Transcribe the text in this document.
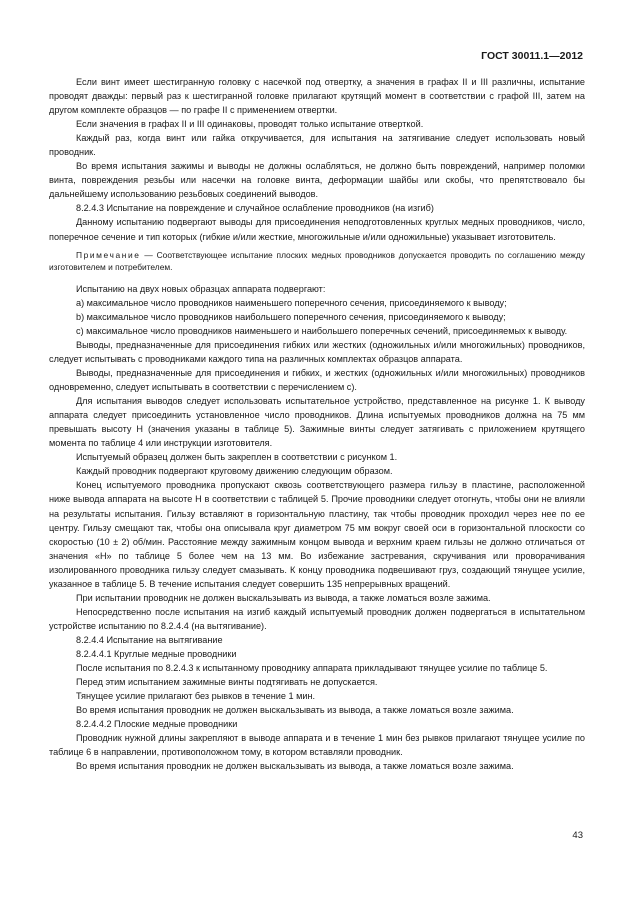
ГОСТ 30011.1—2012

Если винт имеет шестигранную головку с насечкой под отвертку, а значения в графах II и III различны, испытание проводят дважды: первый раз к шестигранной головке прилагают крутящий момент в соответствии с графой III, затем на другом комплекте образцов — по графе II с применением отвертки.

Если значения в графах II и III одинаковы, проводят только испытание отверткой.

Каждый раз, когда винт или гайка откручивается, для испытания на затягивание следует использовать новый проводник.

Во время испытания зажимы и выводы не должны ослабляться, не должно быть повреждений, например поломки винта, повреждения резьбы или насечки на головке винта, деформации шайбы или скобы, что препятствовало бы дальнейшему использованию резьбовых соединений выводов.

8.2.4.3 Испытание на повреждение и случайное ослабление проводников (на изгиб)

Данному испытанию подвергают выводы для присоединения неподготовленных круглых медных проводников, число, поперечное сечение и тип которых (гибкие и/или жесткие, многожильные и/или одножильные) указывает изготовитель.

Примечание — Соответствующее испытание плоских медных проводников допускается проводить по соглашению между изготовителем и потребителем.

Испытанию на двух новых образцах аппарата подвергают:

a) максимальное число проводников наименьшего поперечного сечения, присоединяемого к выводу;

b) максимальное число проводников наибольшего поперечного сечения, присоединяемого к выводу;

c) максимальное число проводников наименьшего и наибольшего поперечных сечений, присоединяемых к выводу.

Выводы, предназначенные для присоединения гибких или жестких (одножильных и/или многожильных) проводников, следует испытывать с проводниками каждого типа на различных комплектах образцов аппарата.

Выводы, предназначенные для присоединения и гибких, и жестких (одножильных и/или многожильных) проводников одновременно, следует испытывать в соответствии с перечислением с).

Для испытания выводов следует использовать испытательное устройство, представленное на рисунке 1. К выводу аппарата следует присоединить установленное число проводников. Длина испытуемых проводников должна на 75 мм превышать высоту H (значения указаны в таблице 5). Зажимные винты следует затягивать с приложением крутящего момента по таблице 4 или инструкции изготовителя.

Испытуемый образец должен быть закреплен в соответствии с рисунком 1.

Каждый проводник подвергают круговому движению следующим образом.

Конец испытуемого проводника пропускают сквозь соответствующего размера гильзу в пластине, расположенной ниже вывода аппарата на высоте H в соответствии с таблицей 5. Прочие проводники следует отогнуть, чтобы они не влияли на результаты испытания. Гильзу вставляют в горизонтальную пластину, так чтобы проводник проходил через нее по ее центру. Гильзу смещают так, чтобы она описывала круг диаметром 75 мм вокруг своей оси в горизонтальной плоскости со скоростью (10 ± 2) об/мин. Расстояние между зажимным концом вывода и верхним краем гильзы не должно отличаться от значения «H» по таблице 5 более чем на 13 мм. Во избежание застревания, скручивания или проворачивания изолированного проводника гильзу следует смазывать. К концу проводника подвешивают груз, создающий тянущее усилие, указанное в таблице 5. В течение испытания следует совершить 135 непрерывных вращений.

При испытании проводник не должен выскальзывать из вывода, а также ломаться возле зажима.

Непосредственно после испытания на изгиб каждый испытуемый проводник должен подвергаться в испытательном устройстве испытанию по 8.2.4.4 (на вытягивание).

8.2.4.4 Испытание на вытягивание

8.2.4.4.1 Круглые медные проводники

После испытания по 8.2.4.3 к испытанному проводнику аппарата прикладывают тянущее усилие по таблице 5.

Перед этим испытанием зажимные винты подтягивать не допускается.

Тянущее усилие прилагают без рывков в течение 1 мин.

Во время испытания проводник не должен выскальзывать из вывода, а также ломаться возле зажима.

8.2.4.4.2 Плоские медные проводники

Проводник нужной длины закрепляют в выводе аппарата и в течение 1 мин без рывков прилагают тянущее усилие по таблице 6 в направлении, противоположном тому, в котором вставляли проводник.

Во время испытания проводник не должен выскальзывать из вывода, а также ломаться возле зажима.

43
